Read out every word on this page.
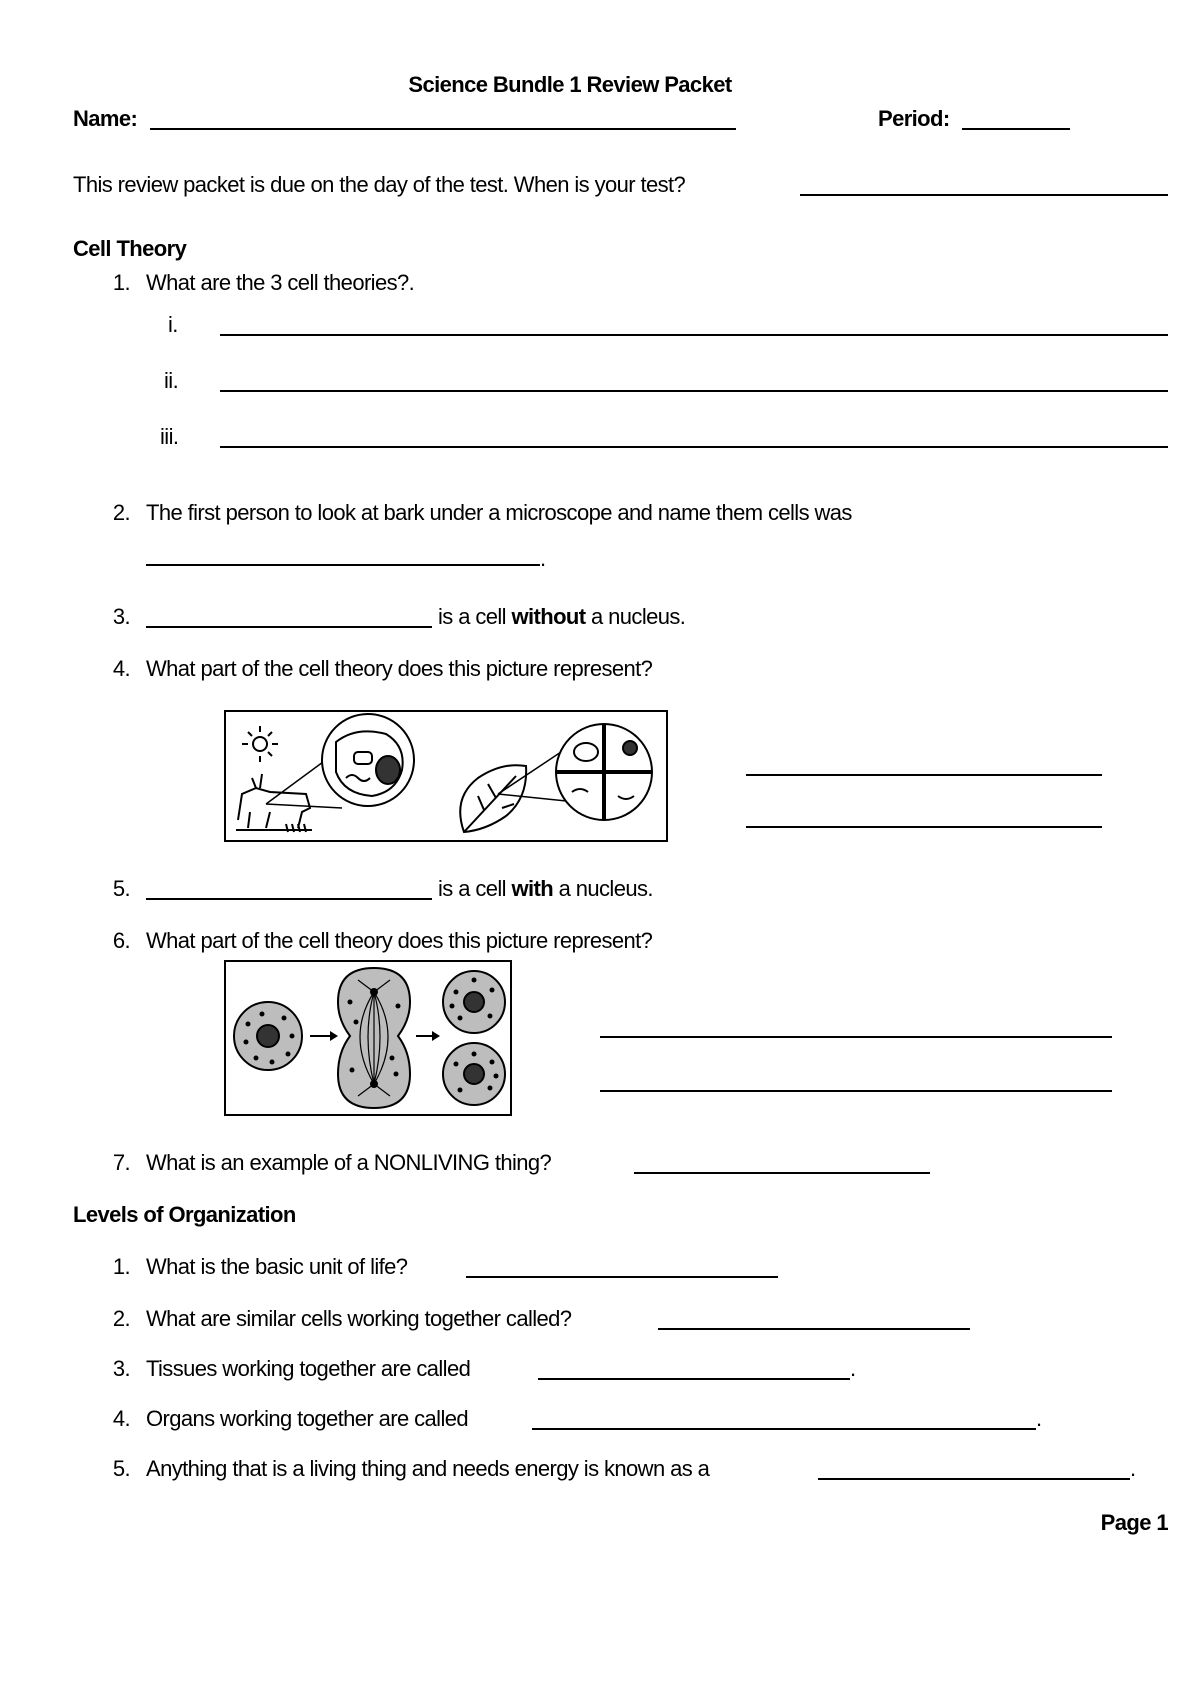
Science Bundle 1 Review Packet
Name:	Period:
This review packet is due on the day of the test. When is your test?
Cell Theory
1. What are the 3 cell theories?.
i.
ii.
iii.
2. The first person to look at bark under a microscope and name them cells was
.
3.	is a cell without a nucleus.
4. What part of the cell theory does this picture represent?
5.	is a cell with a nucleus.
6. What part of the cell theory does this picture represent?
7. What is an example of a NONLIVING thing?
Levels of Organization
1. What is the basic unit of life?
2. What are similar cells working together called?
3. Tissues working together are called	.
4. Organs working together are called	.
5. Anything that is a living thing and needs energy is known as a	.
Page 1
